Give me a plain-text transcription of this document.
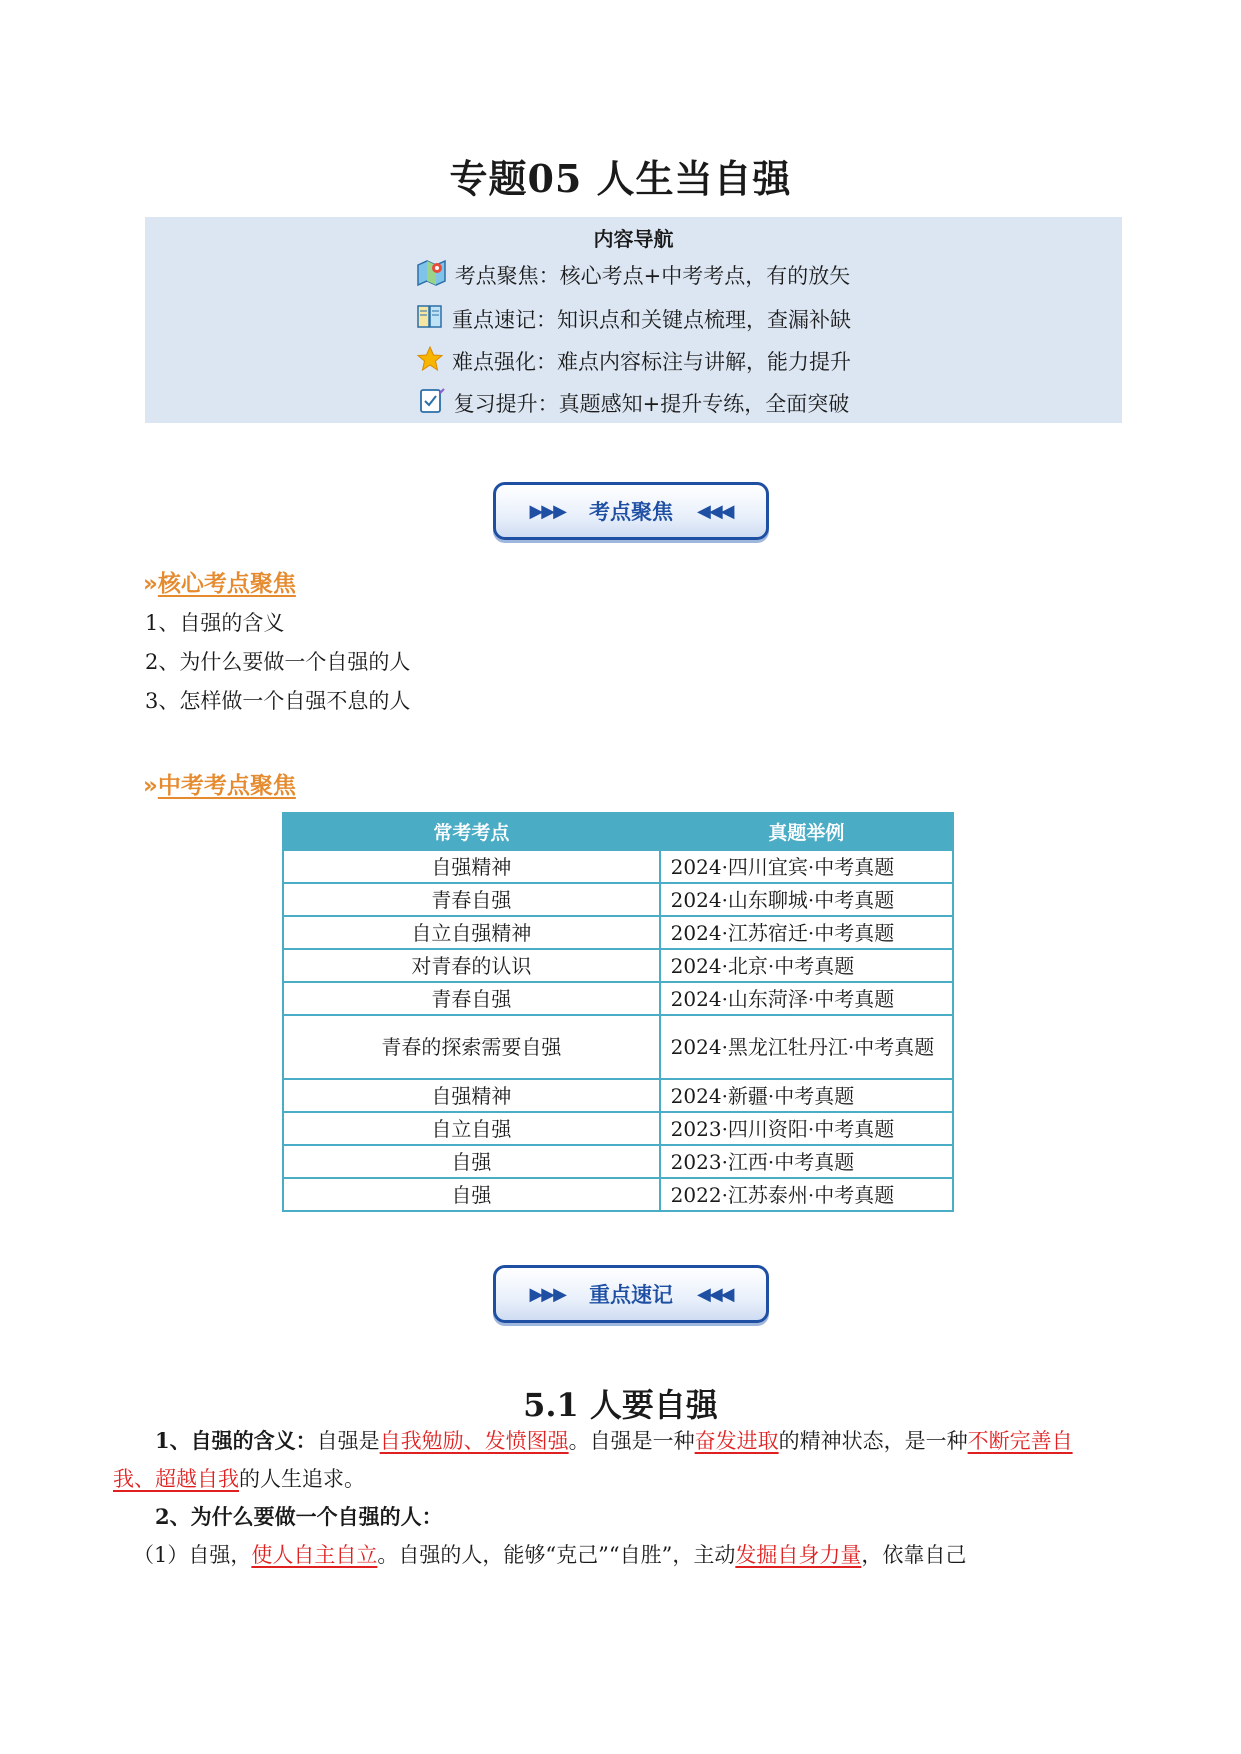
专题05 人生当自强
内容导航
考点聚焦：核心考点+中考考点，有的放矢
重点速记：知识点和关键点梳理，查漏补缺
难点强化：难点内容标注与讲解，能力提升
复习提升：真题感知+提升专练，全面突破
▶▶▶ 考点聚焦 ◀◀◀
» 核心考点聚焦
1、自强的含义
2、为什么要做一个自强的人
3、怎样做一个自强不息的人
» 中考考点聚焦
常考考点	真题举例
自强精神	2024·四川宜宾·中考真题
青春自强	2024·山东聊城·中考真题
自立自强精神	2024·江苏宿迁·中考真题
对青春的认识	2024·北京·中考真题
青春自强	2024·山东菏泽·中考真题
青春的探索需要自强	2024·黑龙江牡丹江·中考真题
自强精神	2024·新疆·中考真题
自立自强	2023·四川资阳·中考真题
自强	2023·江西·中考真题
自强	2022·江苏泰州·中考真题
▶▶▶ 重点速记 ◀◀◀
5.1 人要自强
1、自强的含义：自强是自我勉励、发愤图强。自强是一种奋发进取的精神状态，是一种不断完善自我、超越自我的人生追求。
2、为什么要做一个自强的人：
（1）自强，使人自主自立。自强的人，能够“克己”“自胜”，主动发掘自身力量，依靠自己
